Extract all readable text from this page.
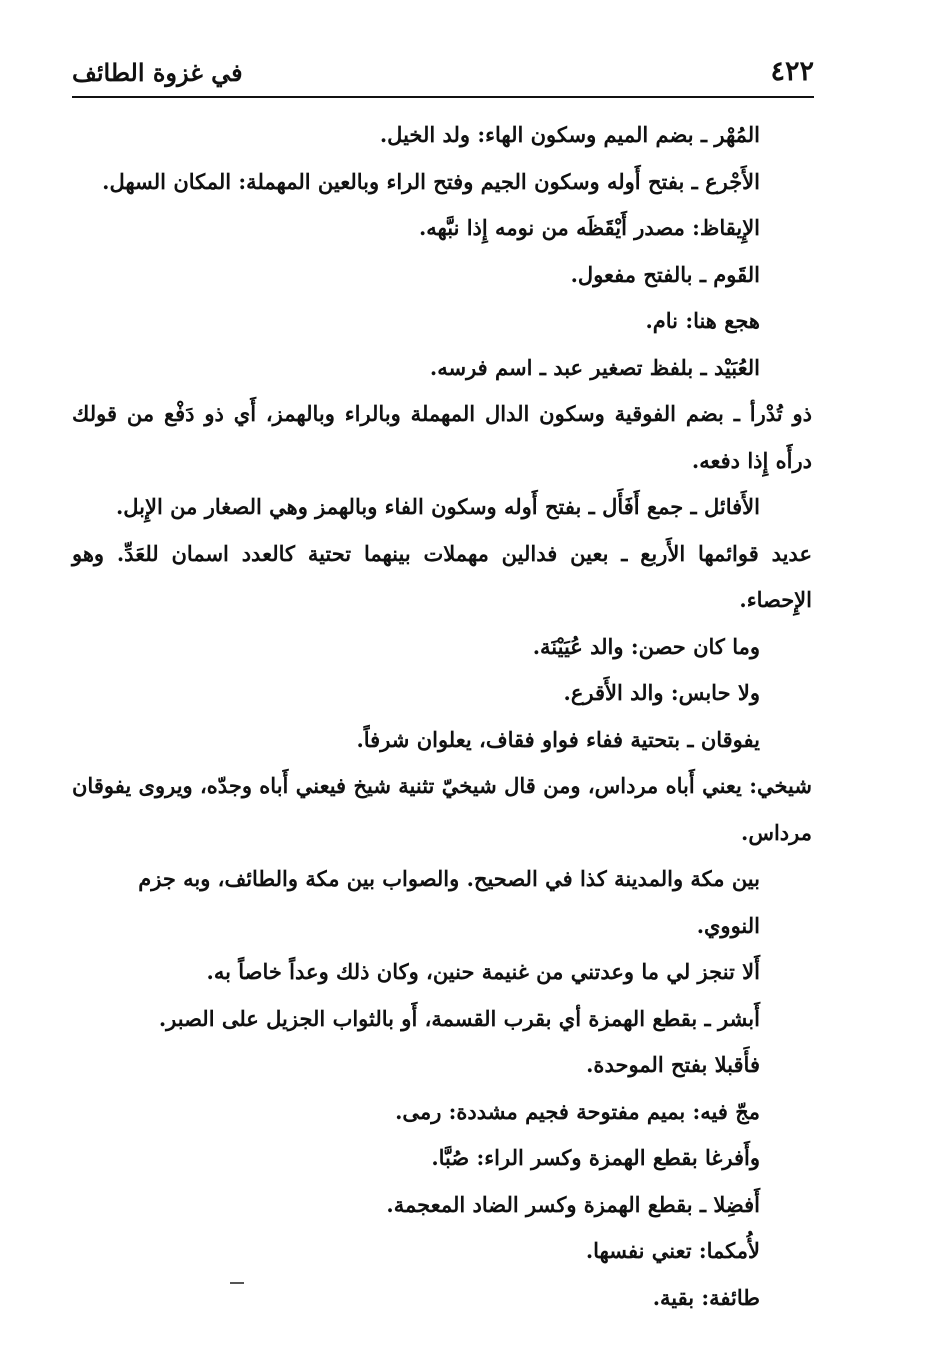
٤٢٢
في غزوة الطائف

المُهْر ـ بضم الميم وسكون الهاء: ولد الخيل.

الأَجْرع ـ بفتح أَوله وسكون الجيم وفتح الراء وبالعين المهملة: المكان السهل.

الإِيقاظ: مصدر أَيْقَظَه من نومه إِذا نبَّهه.

القَوم ـ بالفتح مفعول.

هجع هنا: نام.

العُبَيْد ـ بلفظ تصغير عبد ـ اسم فرسه.

ذو تُدْرأ ـ بضم الفوقية وسكون الدال المهملة وبالراء وبالهمز، أَي ذو دَفْع من قولك درأَه إِذا دفعه.

الأَفائل ـ جمع أَفَأَل ـ بفتح أَوله وسكون الفاء وبالهمز وهي الصغار من الإِبل.

عديد قوائمها الأَربع ـ بعين فدالين مهملات بينهما تحتية كالعدد اسمان للعَدِّ. وهو الإِحصاء.

وما كان حصن: والد عُيَيْنَة.

ولا حابس: والد الأَقرع.

يفوقان ـ بتحتية ففاء فواو فقاف، يعلوان شرفاً.

شيخي: يعني أَباه مرداس، ومن قال شيخيّ تثنية شيخ فيعني أَباه وجدّه، ويروى يفوقان مرداس.

بين مكة والمدينة كذا في الصحيح. والصواب بين مكة والطائف، وبه جزم النووي.

أَلا تنجز لي ما وعدتني من غنيمة حنين، وكان ذلك وعداً خاصاً به.

أَبشر ـ بقطع الهمزة أي بقرب القسمة، أَو بالثواب الجزيل على الصبر.

فأَقبلا بفتح الموحدة.

مجّ فيه: بميم مفتوحة فجيم مشددة: رمى.

وأَفرغا بقطع الهمزة وكسر الراء: صُبَّا.

أَفضِلا ـ بقطع الهمزة وكسر الضاد المعجمة.

لأُمكما: تعني نفسها.

طائفة: بقية.
